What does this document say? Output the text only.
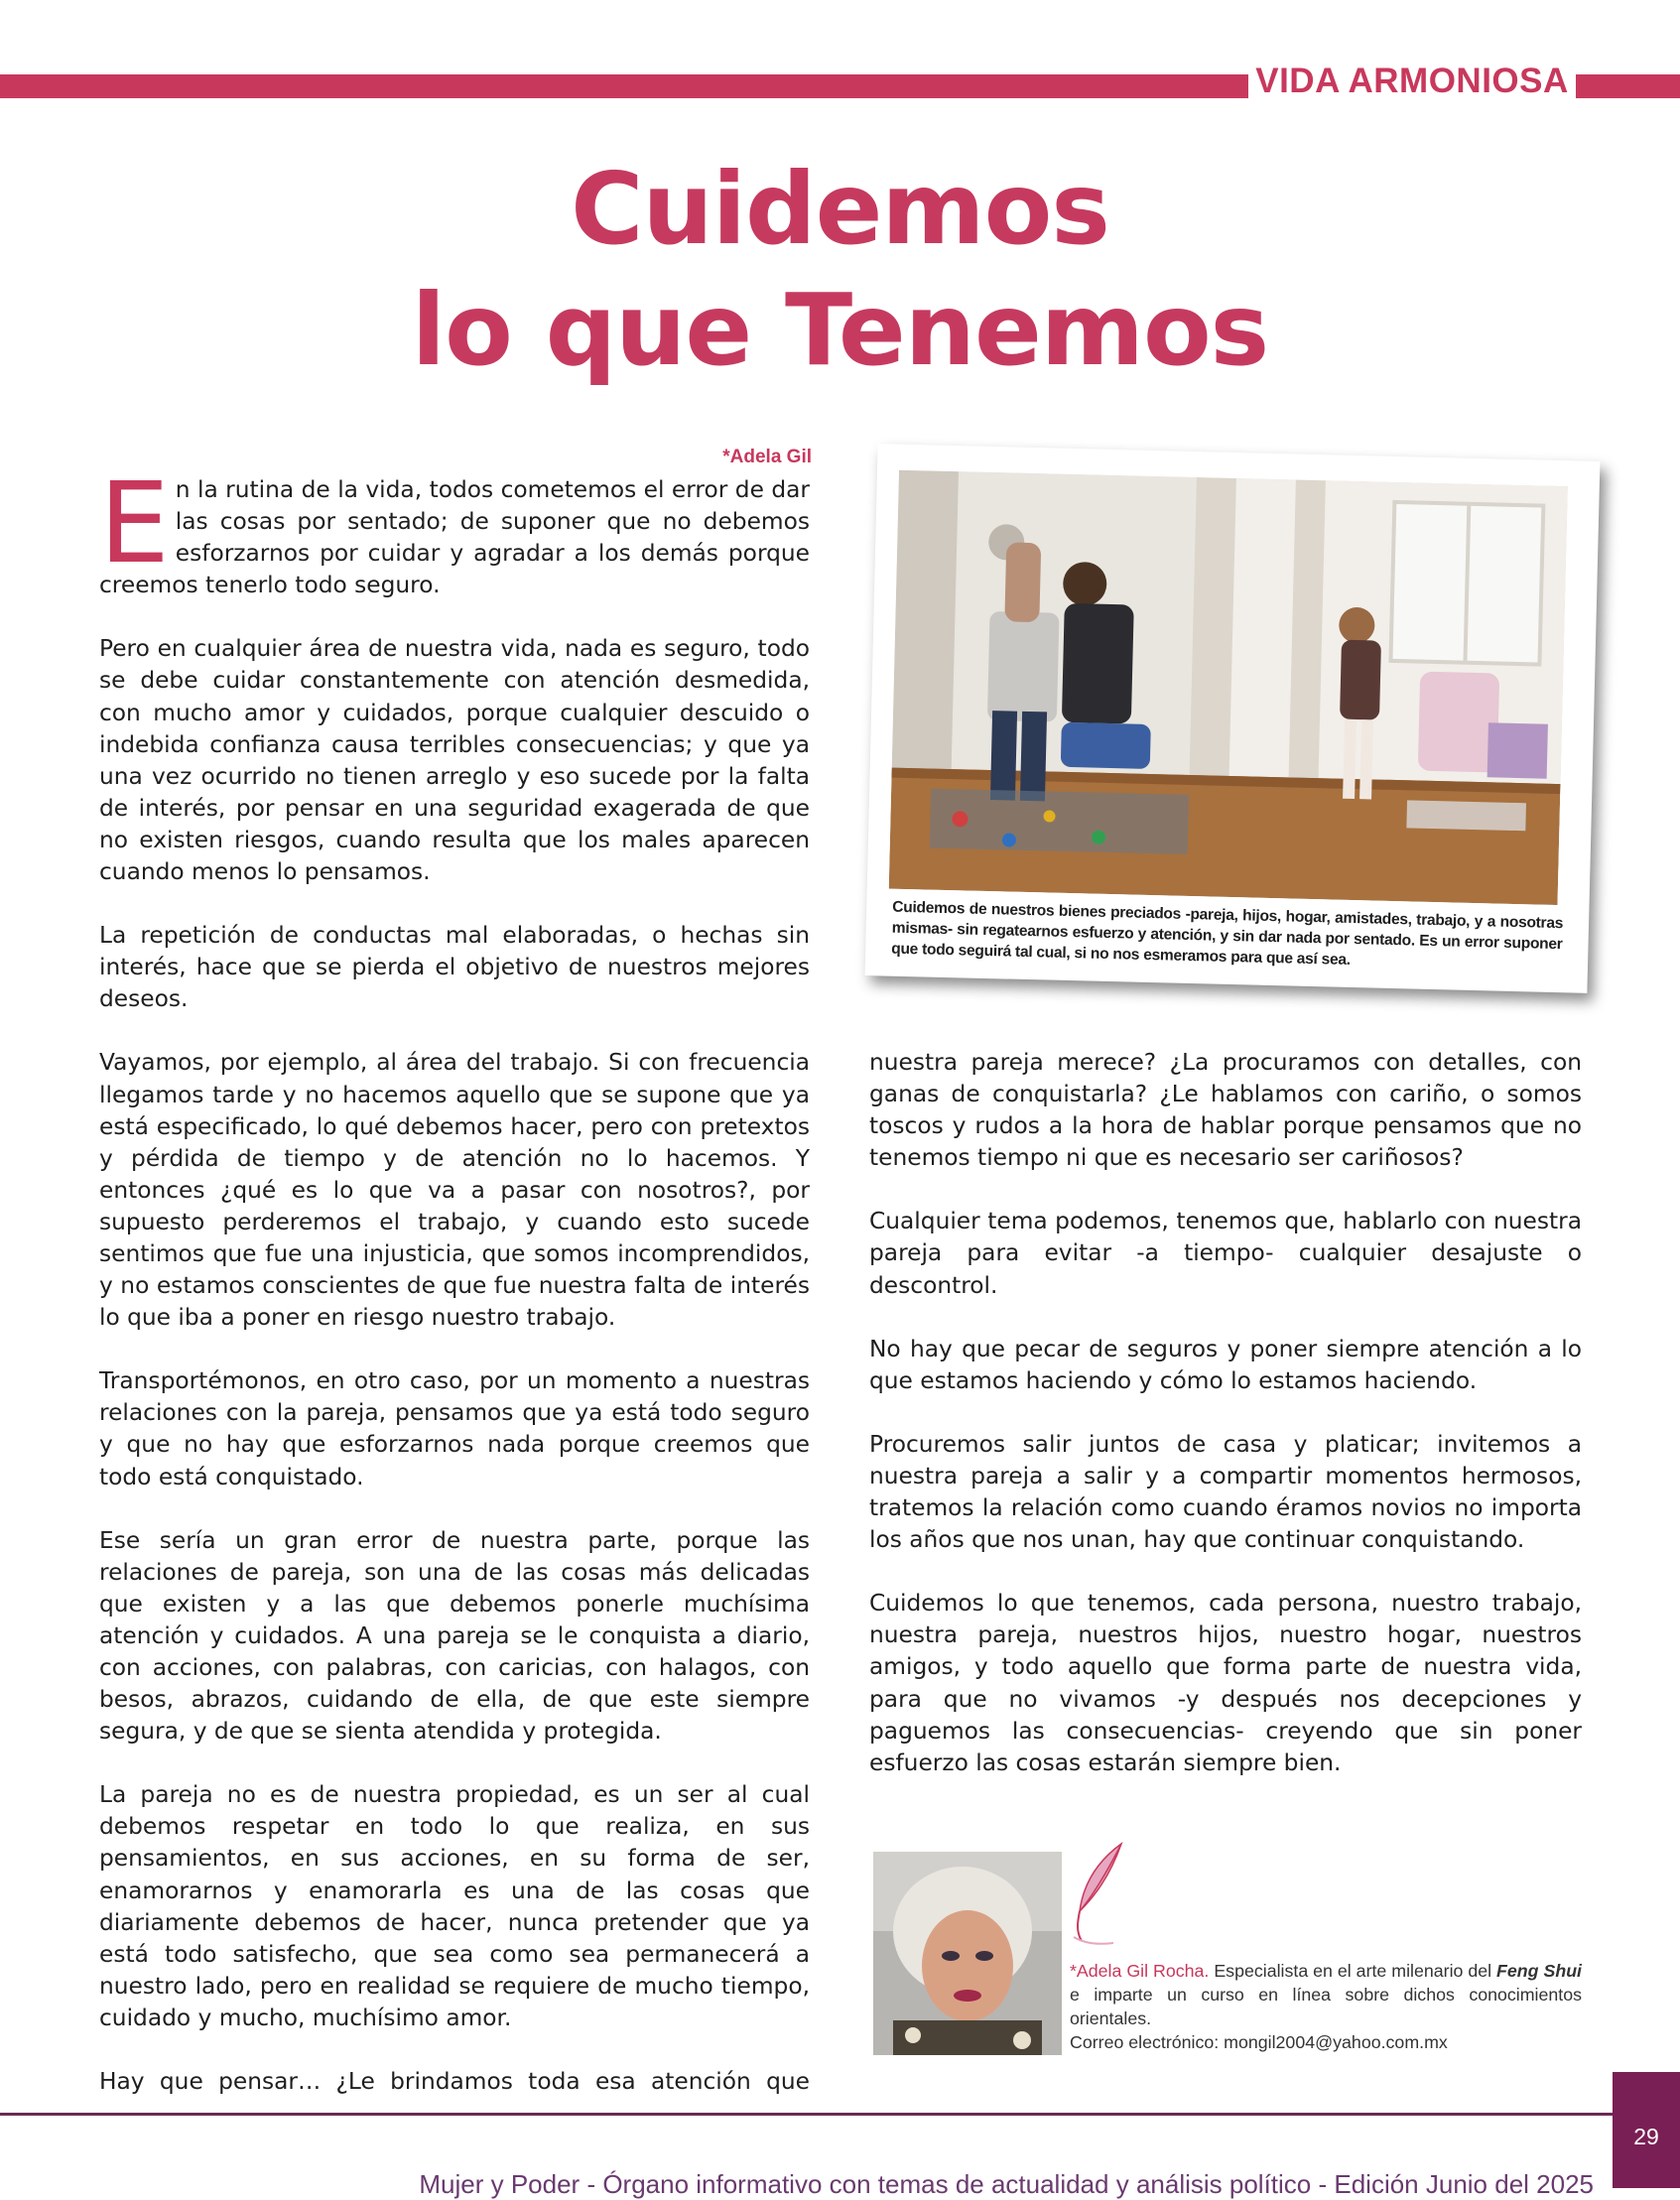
VIDA ARMONIOSA
Cuidemos
lo que Tenemos
*Adela Gil

En la rutina de la vida, todos cometemos el error de dar las cosas por sentado; de suponer que no debemos esforzarnos por cuidar y agradar a los demás porque creemos tenerlo todo seguro.

Pero en cualquier área de nuestra vida, nada es seguro, todo se debe cuidar constantemente con atención desmedida, con mucho amor y cuidados, porque cualquier descuido o indebida confianza causa terribles consecuencias; y que ya una vez ocurrido no tienen arreglo y eso sucede por la falta de interés, por pensar en una seguridad exagerada de que no existen riesgos, cuando resulta que los males aparecen cuando menos lo pensamos.

La repetición de conductas mal elaboradas, o hechas sin interés, hace que se pierda el objetivo de nuestros mejores deseos.

Vayamos, por ejemplo, al área del trabajo. Si con frecuencia llegamos tarde y no hacemos aquello que se supone que ya está especificado, lo qué debemos hacer, pero con pretextos y pérdida de tiempo y de atención no lo hacemos. Y entonces ¿qué es lo que va a pasar con nosotros?, por supuesto perderemos el trabajo, y cuando esto sucede sentimos que fue una injusticia, que somos incomprendidos, y no estamos conscientes de que fue nuestra falta de interés lo que iba a poner en riesgo nuestro trabajo.

Transportémonos, en otro caso, por un momento a nuestras relaciones con la pareja, pensamos que ya está todo seguro y que no hay que esforzarnos nada porque creemos que todo está conquistado.

Ese sería un gran error de nuestra parte, porque las relaciones de pareja, son una de las cosas más delicadas que existen y a las que debemos ponerle muchísima atención y cuidados. A una pareja se le conquista a diario, con acciones, con palabras, con caricias, con halagos, con besos, abrazos, cuidando de ella, de que este siempre segura, y de que se sienta atendida y protegida.

La pareja no es de nuestra propiedad, es un ser al cual debemos respetar en todo lo que realiza, en sus pensamientos, en sus acciones, en su forma de ser, enamorarnos y enamorarla es una de las cosas que diariamente debemos de hacer, nunca pretender que ya está todo satisfecho, que sea como sea permanecerá a nuestro lado, pero en realidad se requiere de mucho tiempo, cuidado y mucho, muchísimo amor.

Hay que pensar… ¿Le brindamos toda esa atención que

Cuidemos de nuestros bienes preciados -pareja, hijos, hogar, amistades, trabajo, y a nosotras mismas- sin regatearnos esfuerzo y atención, y sin dar nada por sentado. Es un error suponer que todo seguirá tal cual, si no nos esmeramos para que así sea.

nuestra pareja merece? ¿La procuramos con detalles, con ganas de conquistarla? ¿Le hablamos con cariño, o somos toscos y rudos a la hora de hablar porque pensamos que no tenemos tiempo ni que es necesario ser cariñosos?

Cualquier tema podemos, tenemos que, hablarlo con nuestra pareja para evitar -a tiempo- cualquier desajuste o descontrol.

No hay que pecar de seguros y poner siempre atención a lo que estamos haciendo y cómo lo estamos haciendo.

Procuremos salir juntos de casa y platicar; invitemos a nuestra pareja a salir y a compartir momentos hermosos, tratemos la relación como cuando éramos novios no importa los años que nos unan, hay que continuar conquistando.

Cuidemos lo que tenemos, cada persona, nuestro trabajo, nuestra pareja, nuestros hijos, nuestro hogar, nuestros amigos, y todo aquello que forma parte de nuestra vida, para que no vivamos -y después nos decepciones y paguemos las consecuencias- creyendo que sin poner esfuerzo las cosas estarán siempre bien.

*Adela Gil Rocha. Especialista en el arte milenario del Feng Shui e imparte un curso en línea sobre dichos conocimientos orientales.
Correo electrónico: mongil2004@yahoo.com.mx
Mujer y Poder - Órgano informativo con temas de actualidad y análisis político - Edición Junio del 2025
29
